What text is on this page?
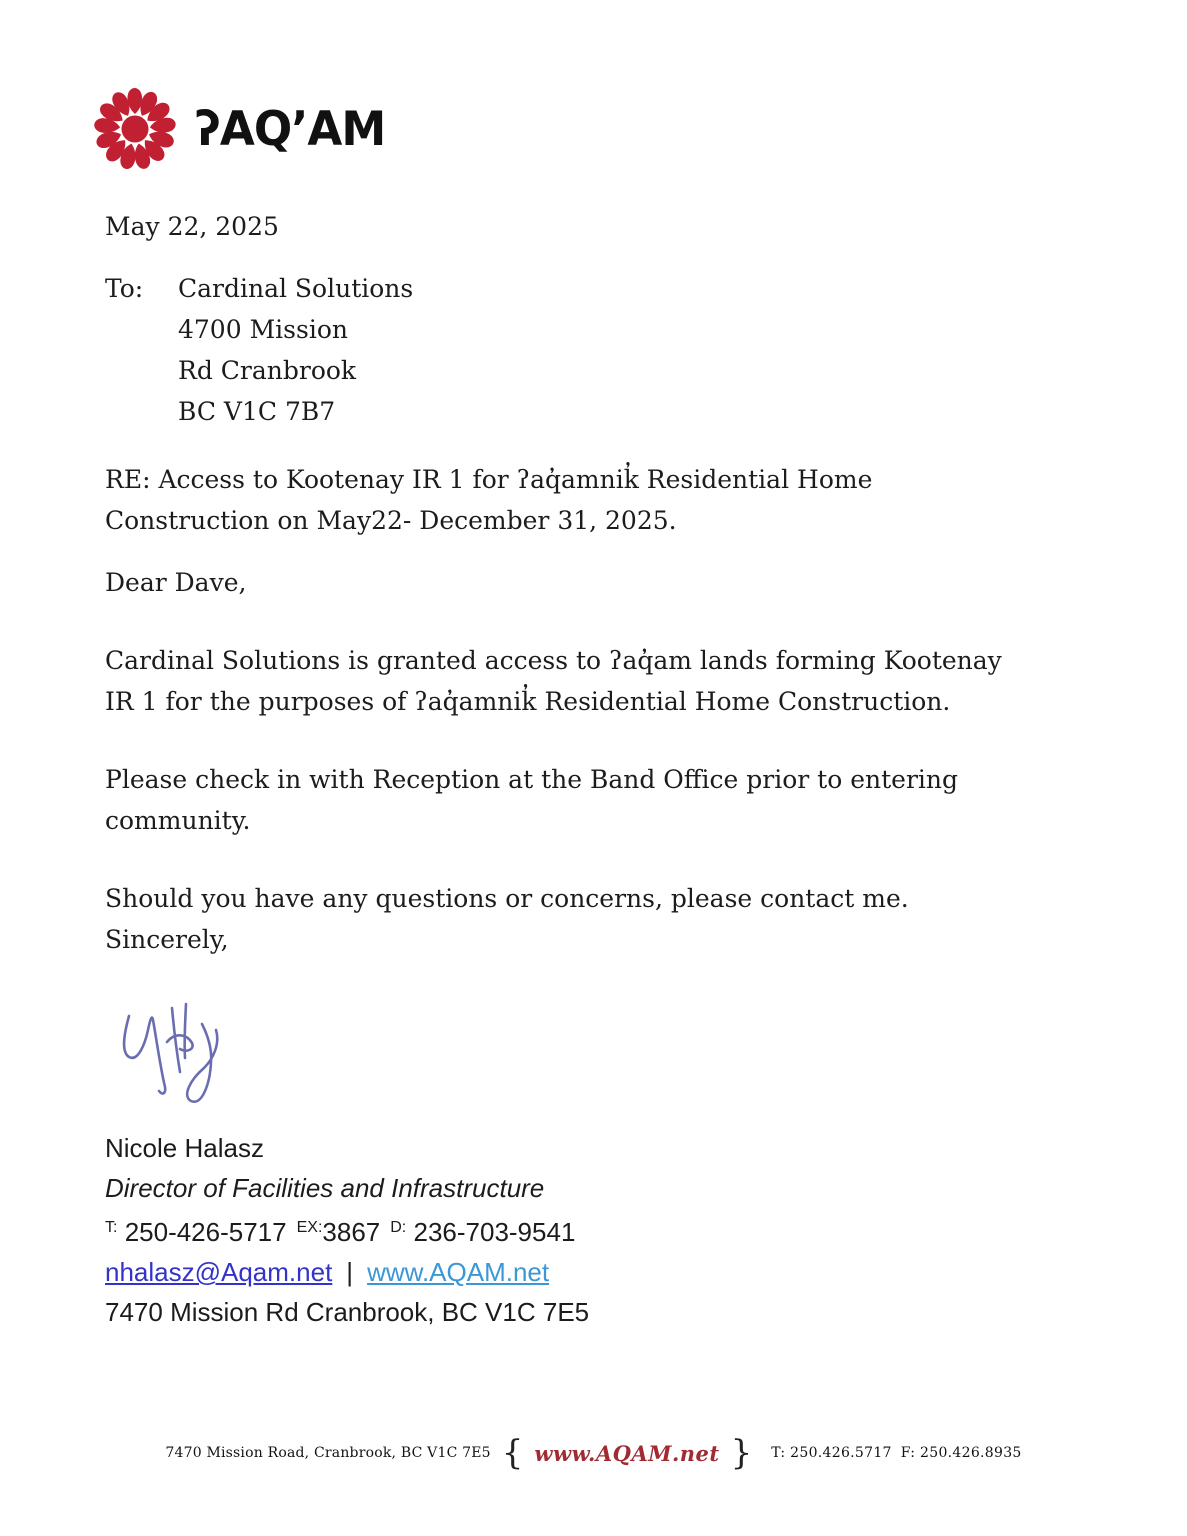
ʔAQ’AM
May 22, 2025
To:	Cardinal Solutions
4700 Mission
Rd Cranbrook
BC V1C 7B7
RE: Access to Kootenay IR 1 for ʔaq̓amnik̓ Residential Home
Construction on May22- December 31, 2025.
Dear Dave,
Cardinal Solutions is granted access to ʔaq̓am lands forming Kootenay
IR 1 for the purposes of ʔaq̓amnik̓ Residential Home Construction.
Please check in with Reception at the Band Office prior to entering
community.
Should you have any questions or concerns, please contact me.
Sincerely,
Nicole Halasz
Director of Facilities and Infrastructure
$^{T:}$ 250-426-5717 $^{EX:}$3867 $^{D:}$ 236-703-9541
nhalasz@Aqam.net | www.AQAM.net
7470 Mission Rd Cranbrook, BC V1C 7E5
7470 Mission Road, Cranbrook, BC V1C 7E5 { www.AQAM.net } T: 250.426.5717 F: 250.426.8935
